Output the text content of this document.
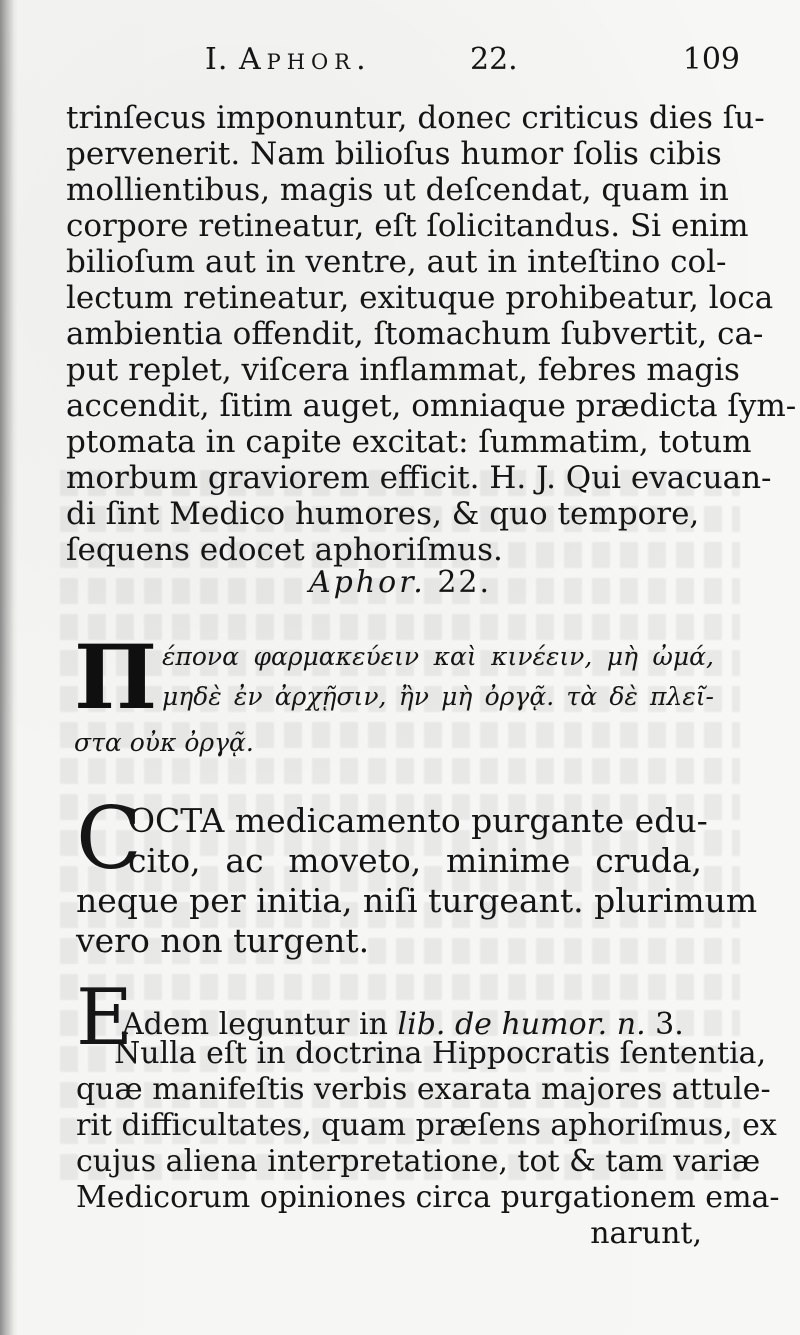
I. Aphor.	22.	109
trinſecus imponuntur, donec criticus dies ſu-
pervenerit. Nam bilioſus humor ſolis cibis
mollientibus, magis ut deſcendat, quam in
corpore retineatur, eſt ſolicitandus. Si enim
bilioſum aut in ventre, aut in inteſtino col-
lectum retineatur, exituque prohibeatur, loca
ambientia offendit, ſtomachum ſubvertit, ca-
put replet, viſcera inflammat, febres magis
accendit, ſitim auget, omniaque prædicta ſym-
ptomata in capite excitat: ſummatim, totum
morbum graviorem efficit. H. J. Qui evacuan-
di ſint Medico humores, & quo tempore,
ſequens edocet aphoriſmus.
Aphor. 22.
Π έπονα φαρμακεύειν καὶ κινέειν, μὴ ὠμά,
μηδὲ ἐν ἀρχῇσιν, ἢν μὴ ὀργᾷ. τὰ δὲ πλεῖ-
στα οὐκ ὀργᾷ.
C
OCTA medicamento purgante edu-
cito, ac moveto, minime cruda,
neque per initia, niſi turgeant. plurimum
vero non turgent.
E
Adem leguntur in lib. de humor. n. 3.
Nulla eſt in doctrina Hippocratis ſententia,
quæ manifeſtis verbis exarata majores attule-
rit difficultates, quam præſens aphoriſmus, ex
cujus aliena interpretatione, tot & tam variæ
Medicorum opiniones circa purgationem ema-
narunt,
